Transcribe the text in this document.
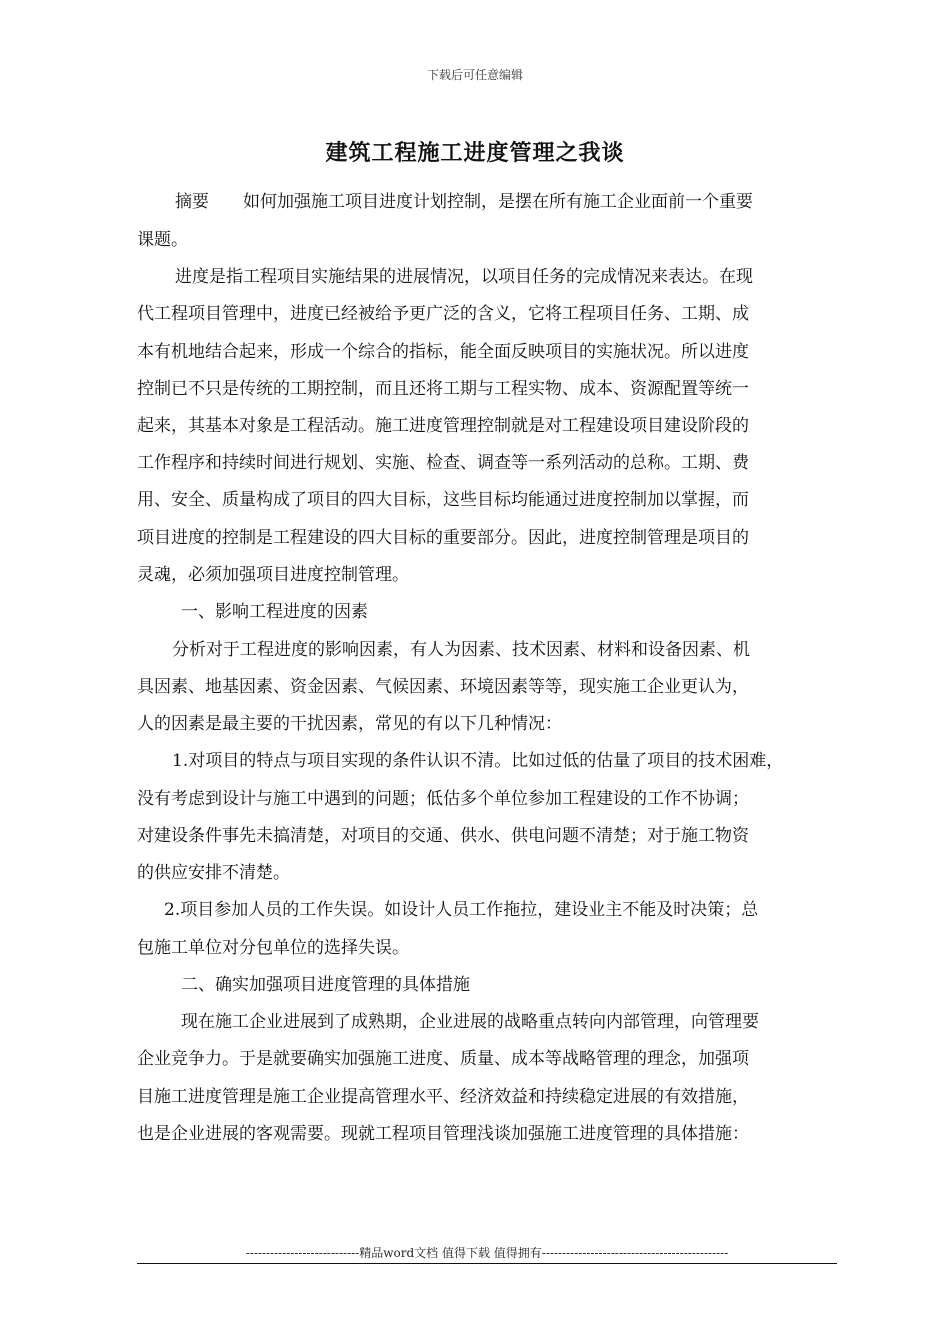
下载后可任意编辑
建筑工程施工进度管理之我谈
摘要　　如何加强施工项目进度计划控制，是摆在所有施工企业面前一个重要
课题。
进度是指工程项目实施结果的进展情况，以项目任务的完成情况来表达。在现
代工程项目管理中，进度已经被给予更广泛的含义，它将工程项目任务、工期、成
本有机地结合起来，形成一个综合的指标，能全面反映项目的实施状况。所以进度
控制已不只是传统的工期控制，而且还将工期与工程实物、成本、资源配置等统一
起来，其基本对象是工程活动。施工进度管理控制就是对工程建设项目建设阶段的
工作程序和持续时间进行规划、实施、检查、调查等一系列活动的总称。工期、费
用、安全、质量构成了项目的四大目标，这些目标均能通过进度控制加以掌握，而
项目进度的控制是工程建设的四大目标的重要部分。因此，进度控制管理是项目的
灵魂，必须加强项目进度控制管理。
一、影响工程进度的因素
分析对于工程进度的影响因素，有人为因素、技术因素、材料和设备因素、机
具因素、地基因素、资金因素、气候因素、环境因素等等，现实施工企业更认为，
人的因素是最主要的干扰因素，常见的有以下几种情况：
1.对项目的特点与项目实现的条件认识不清。比如过低的估量了项目的技术困难，
没有考虑到设计与施工中遇到的问题；低估多个单位参加工程建设的工作不协调；
对建设条件事先未搞清楚，对项目的交通、供水、供电问题不清楚；对于施工物资
的供应安排不清楚。
2.项目参加人员的工作失误。如设计人员工作拖拉，建设业主不能及时决策；总
包施工单位对分包单位的选择失误。
二、确实加强项目进度管理的具体措施
现在施工企业进展到了成熟期，企业进展的战略重点转向内部管理，向管理要
企业竞争力。于是就要确实加强施工进度、质量、成本等战略管理的理念，加强项
目施工进度管理是施工企业提高管理水平、经济效益和持续稳定进展的有效措施，
也是企业进展的客观需要。现就工程项目管理浅谈加强施工进度管理的具体措施：
----------------------------精品word文档 值得下载 值得拥有----------------------------------------------
